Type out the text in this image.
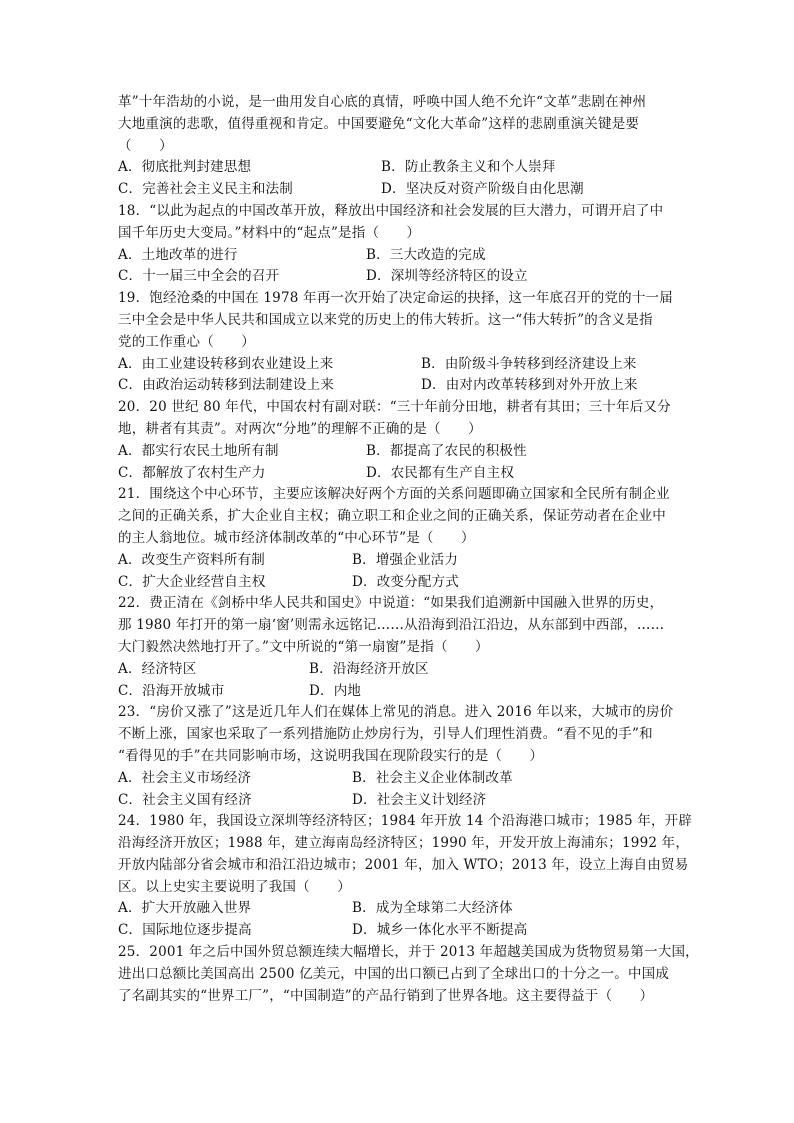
革”十年浩劫的小说，是一曲用发自心底的真情，呼唤中国人绝不允许“文革”悲剧在神州
大地重演的悲歌，值得重视和肯定。中国要避免“文化大革命”这样的悲剧重演关键是要
（　　）
A．彻底批判封建思想	B．防止教条主义和个人崇拜
C．完善社会主义民主和法制	D．坚决反对资产阶级自由化思潮
18．“以此为起点的中国改革开放，释放出中国经济和社会发展的巨大潜力，可谓开启了中
国千年历史大变局。”材料中的“起点”是指（　　）
A．土地改革的进行	B．三大改造的完成
C．十一届三中全会的召开	D．深圳等经济特区的设立
19．饱经沧桑的中国在 1978 年再一次开始了决定命运的抉择，这一年底召开的党的十一届
三中全会是中华人民共和国成立以来党的历史上的伟大转折。这一“伟大转折”的含义是指
党的工作重心（　　）
A．由工业建设转移到农业建设上来	B．由阶级斗争转移到经济建设上来
C．由政治运动转移到法制建设上来	D．由对内改革转移到对外开放上来
20．20 世纪 80 年代，中国农村有副对联：“三十年前分田地，耕者有其田；三十年后又分
地，耕者有其责”。对两次“分地”的理解不正确的是（　　）
A．都实行农民土地所有制	B．都提高了农民的积极性
C．都解放了农村生产力	D．农民都有生产自主权
21．围绕这个中心环节，主要应该解决好两个方面的关系问题即确立国家和全民所有制企业
之间的正确关系，扩大企业自主权；确立职工和企业之间的正确关系，保证劳动者在企业中
的主人翁地位。城市经济体制改革的“中心环节”是（　　）
A．改变生产资料所有制	B．增强企业活力
C．扩大企业经营自主权	D．改变分配方式
22．费正清在《剑桥中华人民共和国史》中说道：“如果我们追溯新中国融入世界的历史，
那 1980 年打开的第一扇‘窗’则需永远铭记……从沿海到沿江沿边，从东部到中西部，……
大门毅然决然地打开了。”文中所说的“第一扇窗”是指（　　）
A．经济特区	B．沿海经济开放区
C．沿海开放城市	D．内地
23．“房价又涨了”这是近几年人们在媒体上常见的消息。进入 2016 年以来，大城市的房价
不断上涨，国家也采取了一系列措施防止炒房行为，引导人们理性消费。“看不见的手”和
“看得见的手”在共同影响市场，这说明我国在现阶段实行的是（　　）
A．社会主义市场经济	B．社会主义企业体制改革
C．社会主义国有经济	D．社会主义计划经济
24．1980 年，我国设立深圳等经济特区；1984 年开放 14 个沿海港口城市；1985 年，开辟
沿海经济开放区；1988 年，建立海南岛经济特区；1990 年，开发开放上海浦东；1992 年，
开放内陆部分省会城市和沿江沿边城市；2001 年，加入 WTO；2013 年，设立上海自由贸易
区。以上史实主要说明了我国（　　）
A．扩大开放融入世界	B．成为全球第二大经济体
C．国际地位逐步提高	D．城乡一体化水平不断提高
25．2001 年之后中国外贸总额连续大幅增长，并于 2013 年超越美国成为货物贸易第一大国，
进出口总额比美国高出 2500 亿美元，中国的出口额已占到了全球出口的十分之一。中国成
了名副其实的“世界工厂”，“中国制造”的产品行销到了世界各地。这主要得益于（　　）
